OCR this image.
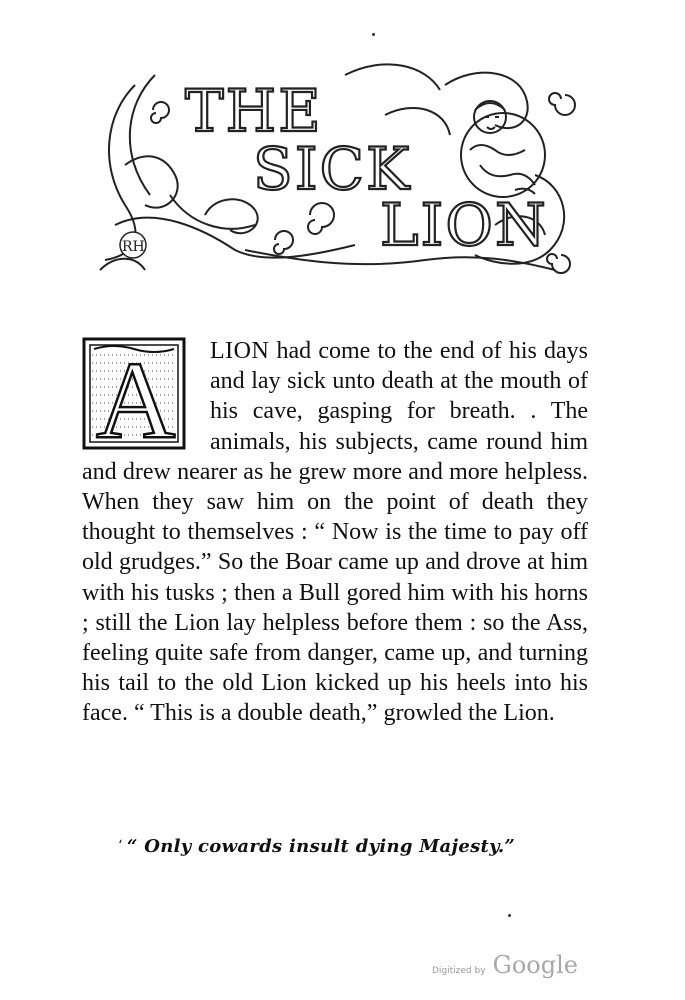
THE
SICK
LION
RH
A	LION had come to the end of his days and lay sick unto death at the mouth of his cave, gasping for breath. . The animals, his subjects, came round him and drew nearer as he grew more and more helpless. When they saw him on the point of death they thought to themselves : “ Now is the time to pay off old grudges.” So the Boar came up and drove at him with his tusks ; then a Bull gored him with his horns ; still the Lion lay helpless before them : so the Ass, feeling quite safe from danger, came up, and turning his tail to the old Lion kicked up his heels into his face. “ This is a double death,” growled the Lion.

‘ “ Only cowards insult dying Majesty.”
Digitized by Google
